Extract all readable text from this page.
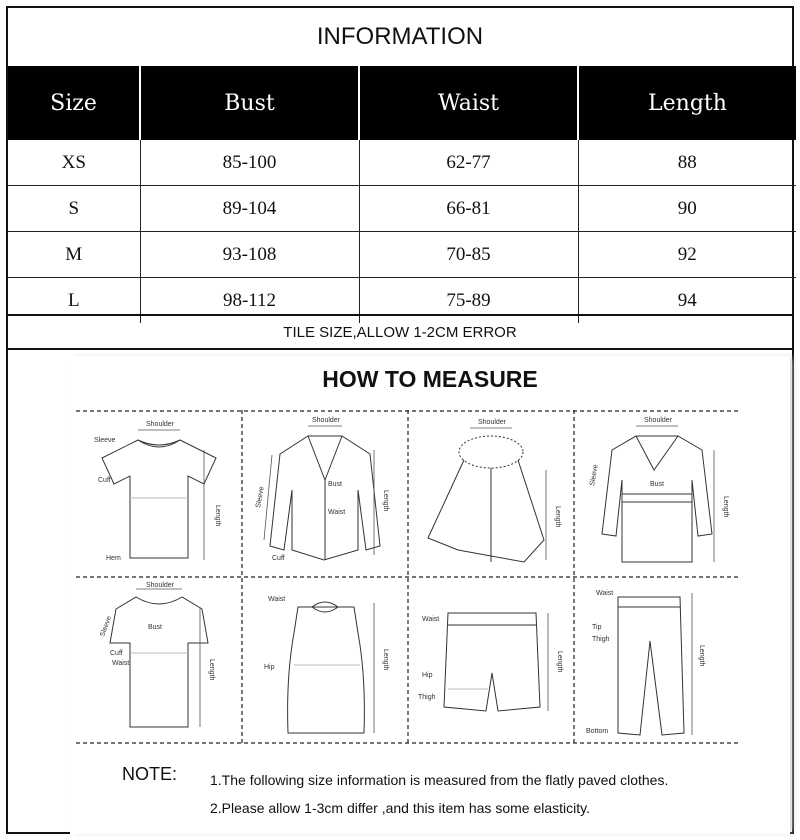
INFORMATION
Size	Bust	Waist	Length
XS	85-100	62-77	88
S	89-104	66-81	90
M	93-108	70-85	92
L	98-112	75-89	94
TILE SIZE,ALLOW 1-2CM ERROR
HOW TO MEASURE
Shoulder
Sleeve
Cuff
Hem
Length
Shoulder
Bust
Waist
Sleeve
Cuff
Length
Shoulder
Length
Shoulder
Bust
Sleeve
Length
Shoulder
Sleeve	Bust
Cuff
Waist	Length
Waist
Hip	Length
Waist
Hip
Thigh
Length
Waist
Tip
Thigh
Bottom
Length
NOTE: 1.The following size information is measured from the flatly paved clothes.
2.Please allow 1-3cm differ ,and this item has some elasticity.
